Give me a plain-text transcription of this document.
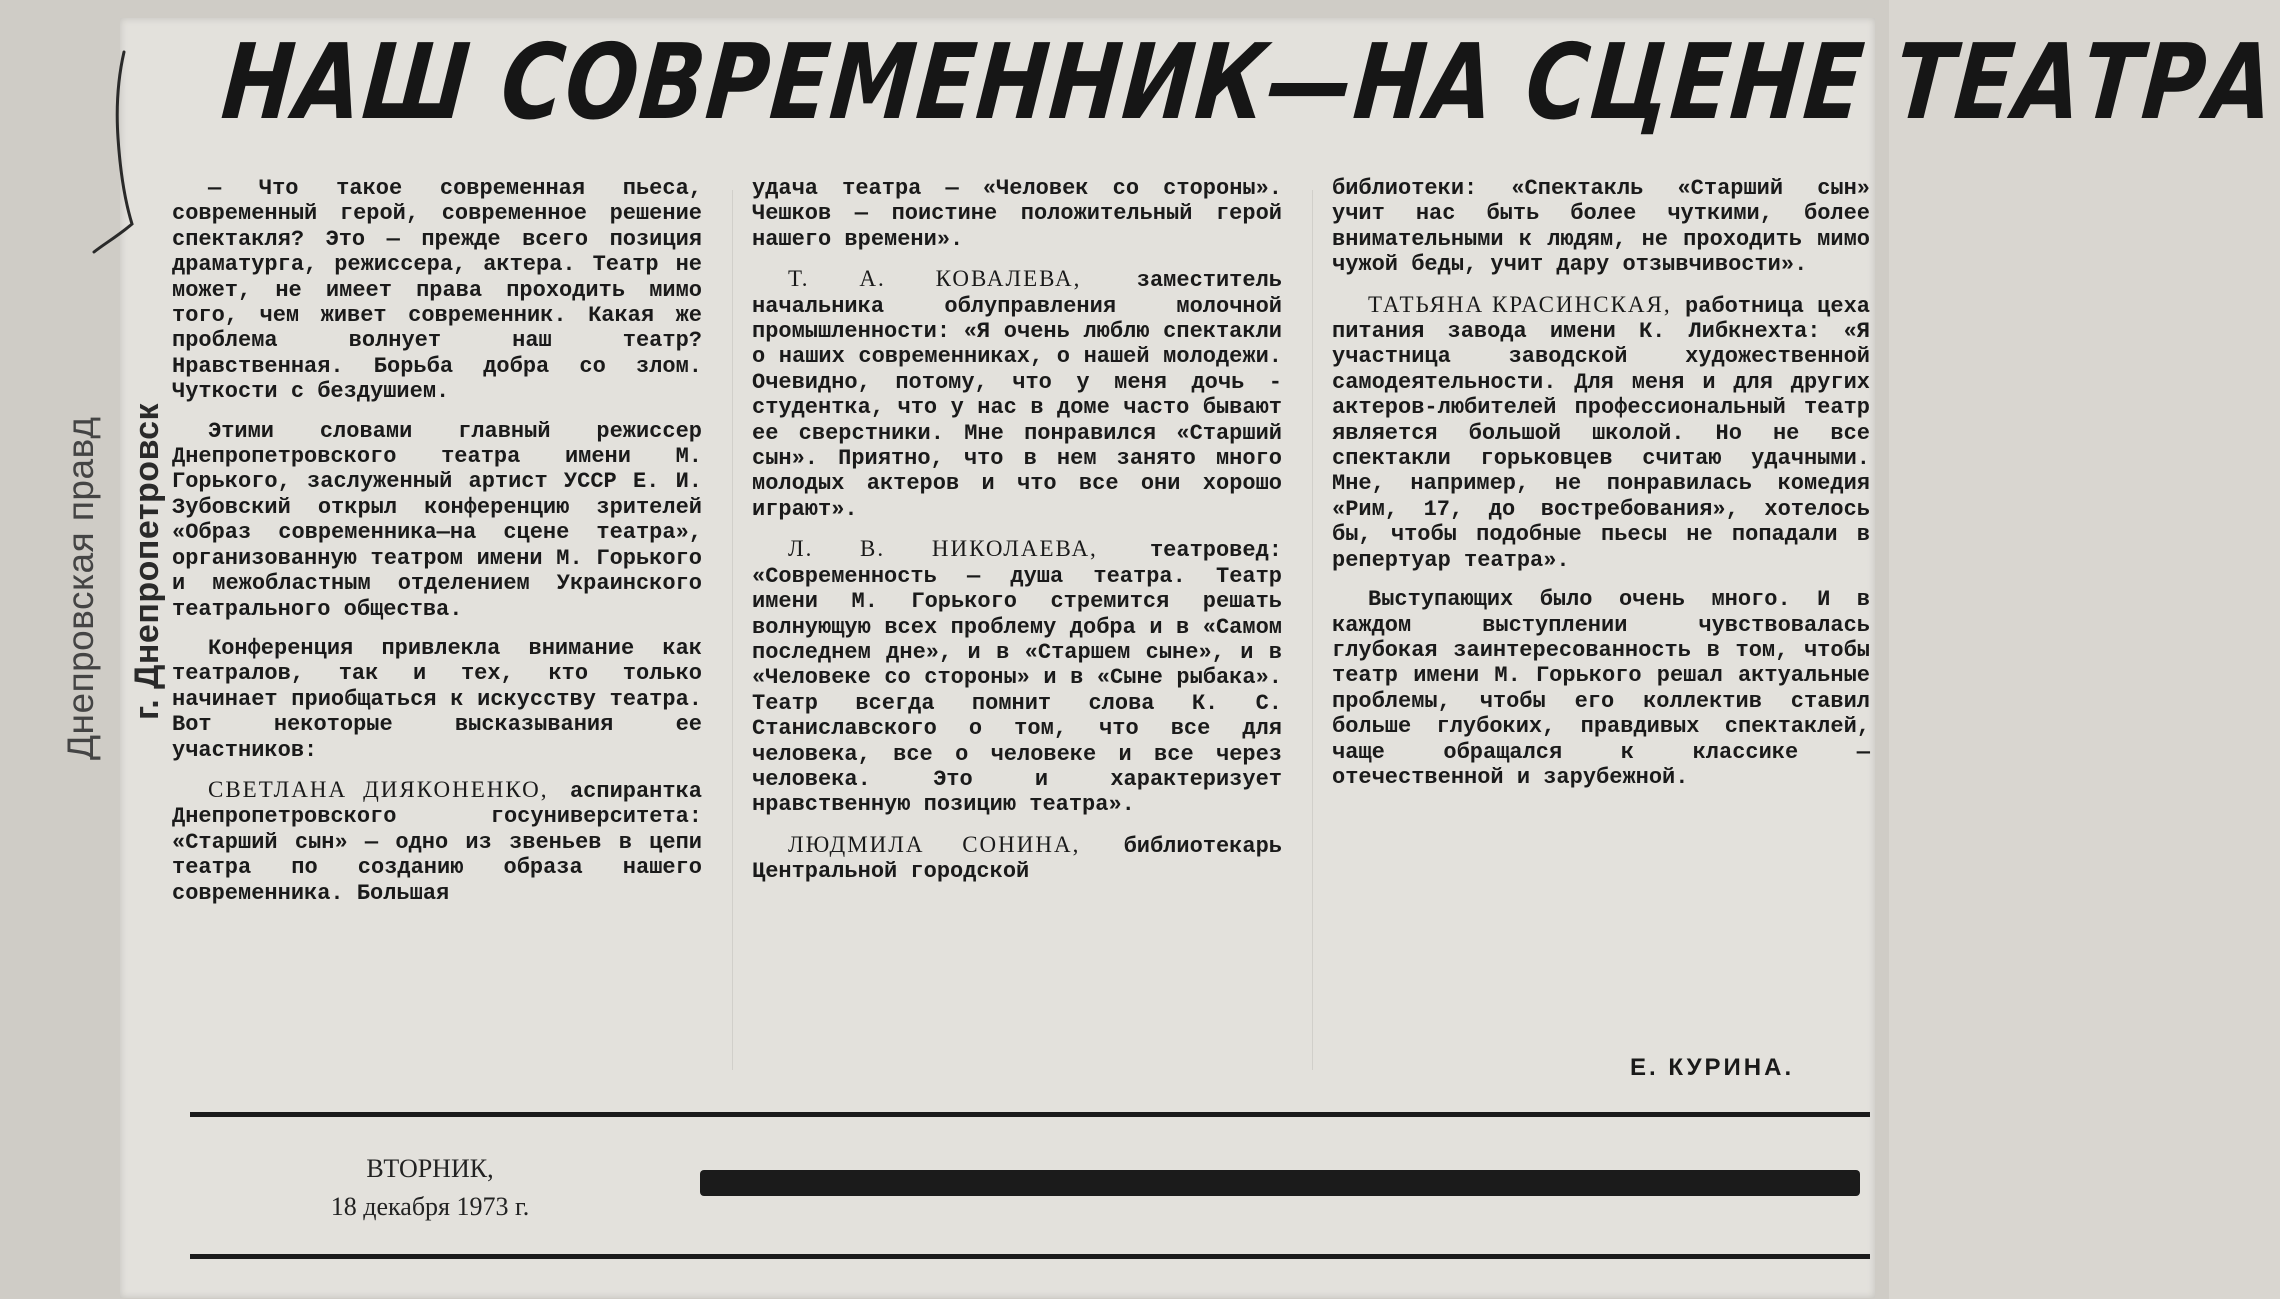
Днепровская правд г. Днепропетровск
НАШ СОВРЕМЕННИК—НА СЦЕНЕ ТЕАТРА

— Что такое современная пьеса, современный герой, современное решение спектакля? Это — прежде всего позиция драматурга, режиссера, актера. Театр не может, не имеет права проходить мимо того, чем живет современник. Какая же проблема волнует наш театр? Нравственная. Борьба добра со злом. Чуткости с бездушием.

Этими словами главный режиссер Днепропетровского театра имени М. Горького, заслуженный артист УССР Е. И. Зубовский открыл конференцию зрителей «Образ современника—на сцене театра», организованную театром имени М. Горького и межобластным отделением Украинского театрального общества.

Конференция привлекла внимание как театралов, так и тех, кто только начинает приобщаться к искусству театра. Вот некоторые высказывания ее участников:

СВЕТЛАНА ДИЯКОНЕНКО, аспирантка Днепропетровского госуниверситета: «Старший сын» — одно из звеньев в цепи театра по созданию образа нашего современника. Большая

удача театра — «Человек со стороны». Чешков — поистине положительный герой нашего времени».

Т. А. КОВАЛЕВА,	заместитель начальника облуправления молочной промышленности: «Я очень люблю спектакли о наших современниках, о нашей молодежи. Очевидно, потому, что у меня дочь - студентка, что у нас в доме часто бывают ее сверстники. Мне понравился «Старший сын». Приятно, что в нем занято много молодых актеров и что все они хорошо играют».

Л. В. НИКОЛАЕВА, театровед: «Современность — душа театра. Театр имени М. Горького стремится решать волнующую всех проблему добра и в «Самом последнем дне», и в «Старшем сыне», и в «Человеке со стороны» и в «Сыне рыбака». Театр всегда помнит слова К. С. Станиславского о том, что все для человека, все о человеке и все через человека. Это и характеризует нравственную позицию театра».

ЛЮДМИЛА СОНИНА, библиотекарь Центральной городской

библиотеки: «Спектакль «Старший сын» учит нас быть более чуткими, более внимательными к людям, не проходить мимо чужой беды, учит дару отзывчивости».

ТАТЬЯНА КРАСИНСКАЯ, работница цеха питания завода имени К. Либкнехта: «Я участница заводской художественной самодеятельности. Для меня и для других актеров-любителей профессиональный театр является большой школой. Но не все спектакли горьковцев считаю удачными. Мне, например, не понравилась комедия «Рим, 17, до востребования», хотелось бы, чтобы подобные пьесы не попадали в репертуар театра».

Выступающих было очень много. И в каждом выступлении чувствовалась глубокая заинтересованность в том, чтобы театр имени М. Горького решал актуальные проблемы, чтобы его коллектив ставил больше глубоких, правдивых спектаклей, чаще обращался к классике — отечественной и зарубежной.

Е. КУРИНА.
ВТОРНИК,
18 декабря 1973 г.
